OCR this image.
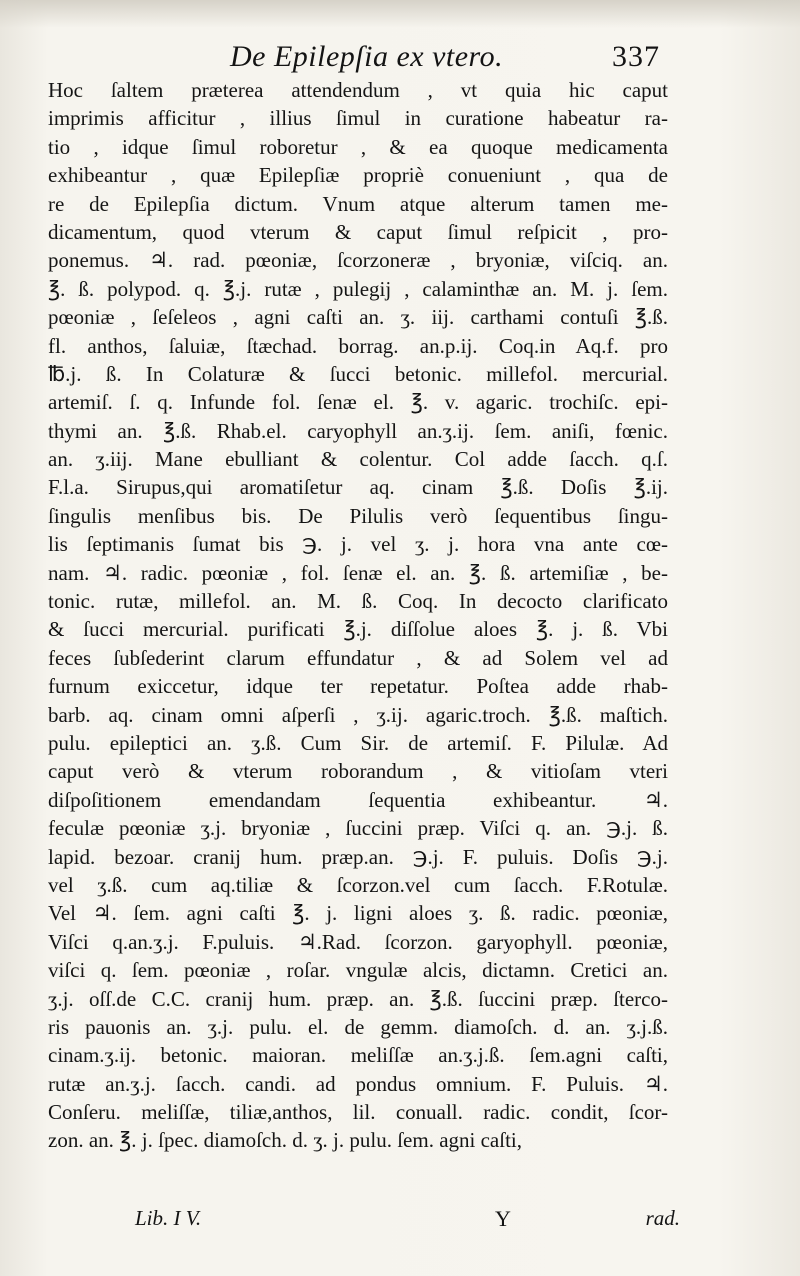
De Epilepſia ex vtero.	337
Hoc ſaltem præterea attendendum , vt quia hic caput
imprimis afficitur , illius ſimul in curatione habeatur ra-
tio , idque ſimul roboretur , & ea quoque medicamenta
exhibeantur , quæ Epilepſiæ propriè conueniunt , qua de
re de Epilepſia dictum. Vnum atque alterum tamen me-
dicamentum, quod vterum & caput ſimul reſpicit , pro-
ponemus. ♃. rad. pœoniæ, ſcorzoneræ , bryoniæ, viſciq. an.
℥. ß. polypod. q. ℥.j. rutæ , pulegij , calaminthæ an. M. j. ſem.
pœoniæ , ſeſeleos , agni caſti an. ʒ. iij. carthami contuſi ℥.ß.
fl. anthos, ſaluiæ, ſtæchad. borrag. an.p.ij. Coq.in Aq.f. pro
℔.j. ß. In Colaturæ & ſucci betonic. millefol. mercurial.
artemiſ. ſ. q. Infunde fol. ſenæ el. ℥. v. agaric. trochiſc. epi-
thymi an. ℥.ß. Rhab.el. caryophyll an.ʒ.ij. ſem. aniſi, fœnic.
an. ʒ.iij. Mane ebulliant & colentur. Col adde ſacch. q.ſ.
F.l.a. Sirupus,qui aromatiſetur aq. cinam ℥.ß. Doſis ℥.ij.
ſingulis menſibus bis. De Pilulis verò ſequentibus ſingu-
lis ſeptimanis ſumat bis ℈. j. vel ʒ. j. hora vna ante cœ-
nam. ♃. radic. pœoniæ , fol. ſenæ el. an. ℥. ß. artemiſiæ , be-
tonic. rutæ, millefol. an. M. ß. Coq. In decocto clarificato
& ſucci mercurial. purificati ℥.j. diſſolue aloes ℥. j. ß. Vbi
feces ſubſederint clarum effundatur , & ad Solem vel ad
furnum exiccetur, idque ter repetatur. Poſtea adde rhab-
barb. aq. cinam omni aſperſi , ʒ.ij. agaric.troch. ℥.ß. maſtich.
pulu. epileptici an. ʒ.ß. Cum Sir. de artemiſ. F. Pilulæ. Ad
caput verò & vterum roborandum , & vitioſam vteri
diſpoſitionem emendandam ſequentia exhibeantur. ♃.
feculæ pœoniæ ʒ.j. bryoniæ , ſuccini præp. Viſci q. an. ℈.j. ß.
lapid. bezoar. cranij hum. præp.an. ℈.j. F. puluis. Doſis ℈.j.
vel ʒ.ß. cum aq.tiliæ & ſcorzon.vel cum ſacch. F.Rotulæ.
Vel ♃. ſem. agni caſti ℥. j. ligni aloes ʒ. ß. radic. pœoniæ,
Viſci q.an.ʒ.j. F.puluis. ♃.Rad. ſcorzon. garyophyll. pœoniæ,
viſci q. ſem. pœoniæ , roſar. vngulæ alcis, dictamn. Cretici an.
ʒ.j. oſſ.de C.C. cranij hum. præp. an. ℥.ß. ſuccini præp. ſterco-
ris pauonis an. ʒ.j. pulu. el. de gemm. diamoſch. d. an. ʒ.j.ß.
cinam.ʒ.ij. betonic. maioran. meliſſæ an.ʒ.j.ß. ſem.agni caſti,
rutæ an.ʒ.j. ſacch. candi. ad pondus omnium. F. Puluis. ♃.
Conſeru. meliſſæ, tiliæ,anthos, lil. conuall. radic. condit, ſcor-
zon. an. ℥. j. ſpec. diamoſch. d. ʒ. j. pulu. ſem. agni caſti,
Lib. I V.	Y	rad.
